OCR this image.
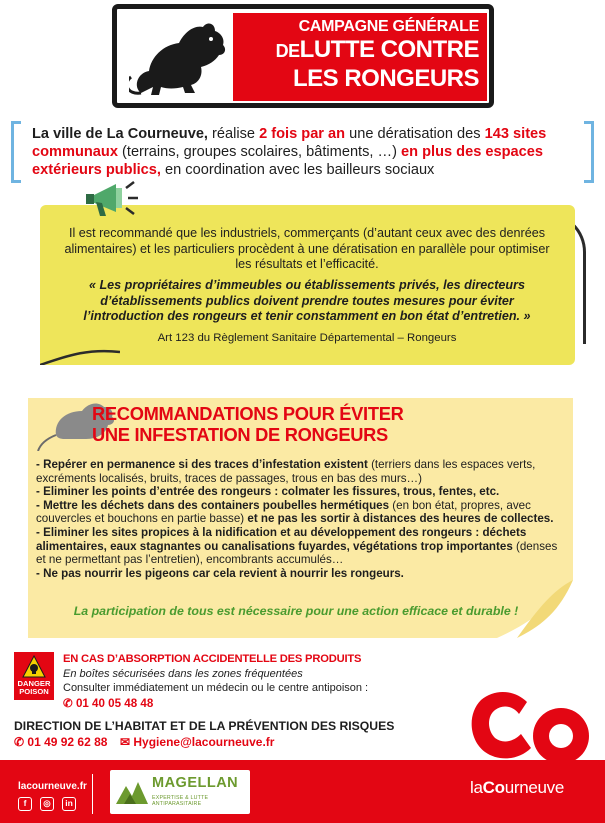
CAMPAGNE GÉNÉRALE
DELUTTE CONTRE
LES RONGEURS
La ville de La Courneuve, réalise 2 fois par an une dératisation des 143 sites communaux (terrains, groupes scolaires, bâtiments, …) en plus des espaces extérieurs publics, en coordination avec les bailleurs sociaux
Il est recommandé que les industriels, commerçants (d’autant ceux avec des denrées alimentaires) et les particuliers procèdent à une dératisation en parallèle pour optimiser les résultats et l’efficacité.
« Les propriétaires d’immeubles ou établissements privés, les directeurs d’établissements publics doivent prendre toutes mesures pour éviter l’introduction des rongeurs et tenir constamment en bon état d’entretien. »
Art 123 du Règlement Sanitaire Départemental – Rongeurs
RECOMMANDATIONS POUR ÉVITER
UNE INFESTATION DE RONGEURS
- Repérer en permanence si des traces d’infestation existent (terriers dans les espaces verts, excréments localisés, bruits, traces de passages, trous en bas des murs…)
- Eliminer les points d’entrée des rongeurs : colmater les fissures, trous, fentes, etc.
- Mettre les déchets dans des containers poubelles hermétiques (en bon état, propres, avec couvercles et bouchons en partie basse) et ne pas les sortir à distances des heures de collectes.
- Eliminer les sites propices à la nidification et au développement des rongeurs : déchets alimentaires, eaux stagnantes ou canalisations fuyardes, végétations trop importantes (denses et ne permettant pas l’entretien), encombrants accumulés…
- Ne pas nourrir les pigeons car cela revient à nourrir les rongeurs.
La participation de tous est nécessaire pour une action efficace et durable !
DANGER
POISON
EN CAS D’ABSORPTION ACCIDENTELLE DES PRODUITS
En boîtes sécurisées dans les zones fréquentées
Consulter immédiatement un médecin ou le centre antipoison :
✆ 01 40 05 48 48
DIRECTION DE L’HABITAT ET DE LA PRÉVENTION DES RISQUES
✆ 01 49 92 62 88 ✉ Hygiene@lacourneuve.fr
lacourneuve.fr
f	◎	in
MAGELLAN
EXPERTISE & LUTTE ANTIPARASITAIRE
laCourneuve
